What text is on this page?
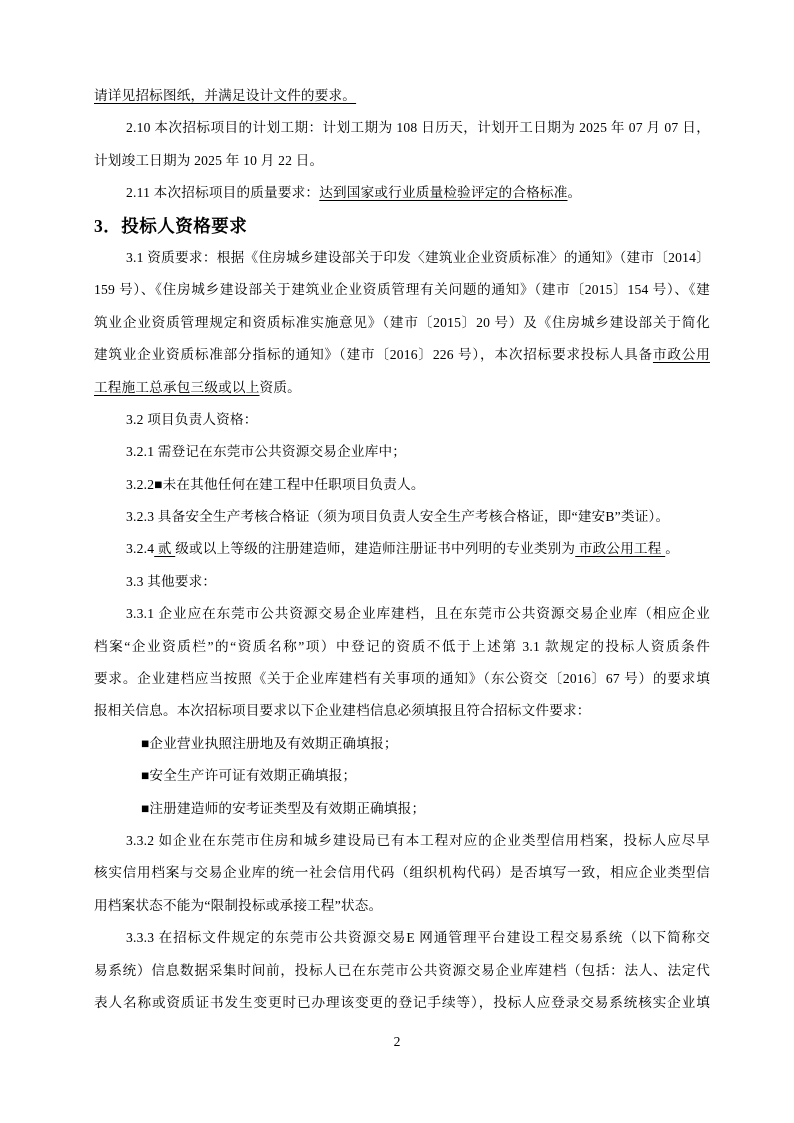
请详见招标图纸，并满足设计文件的要求。
2.10 本次招标项目的计划工期：计划工期为 108 日历天，计划开工日期为 2025 年 07 月 07 日，
计划竣工日期为 2025 年 10 月 22 日。
2.11 本次招标项目的质量要求：达到国家或行业质量检验评定的合格标准。
3．投标人资格要求
3.1 资质要求：根据《住房城乡建设部关于印发〈建筑业企业资质标准〉的通知》（建市〔2014〕
159 号）、《住房城乡建设部关于建筑业企业资质管理有关问题的通知》（建市〔2015〕154 号）、《建
筑业企业资质管理规定和资质标准实施意见》（建市〔2015〕20 号）及《住房城乡建设部关于简化
建筑业企业资质标准部分指标的通知》（建市〔2016〕226 号），本次招标要求投标人具备市政公用
工程施工总承包三级或以上资质。
3.2 项目负责人资格：
3.2.1 需登记在东莞市公共资源交易企业库中；
3.2.2■未在其他任何在建工程中任职项目负责人。
3.2.3 具备安全生产考核合格证（须为项目负责人安全生产考核合格证，即“建安B”类证）。
3.2.4 贰 级或以上等级的注册建造师，建造师注册证书中列明的专业类别为 市政公用工程 。
3.3 其他要求：
3.3.1 企业应在东莞市公共资源交易企业库建档，且在东莞市公共资源交易企业库（相应企业
档案“企业资质栏”的“资质名称”项）中登记的资质不低于上述第 3.1 款规定的投标人资质条件
要求。企业建档应当按照《关于企业库建档有关事项的通知》（东公资交〔2016〕67 号）的要求填
报相关信息。本次招标项目要求以下企业建档信息必须填报且符合招标文件要求：
■企业营业执照注册地及有效期正确填报；
■安全生产许可证有效期正确填报；
■注册建造师的安考证类型及有效期正确填报；
3.3.2 如企业在东莞市住房和城乡建设局已有本工程对应的企业类型信用档案，投标人应尽早
核实信用档案与交易企业库的统一社会信用代码（组织机构代码）是否填写一致，相应企业类型信
用档案状态不能为“限制投标或承接工程”状态。
3.3.3 在招标文件规定的东莞市公共资源交易E 网通管理平台建设工程交易系统（以下简称交
易系统）信息数据采集时间前，投标人已在东莞市公共资源交易企业库建档（包括：法人、法定代
表人名称或资质证书发生变更时已办理该变更的登记手续等），投标人应登录交易系统核实企业填
2
